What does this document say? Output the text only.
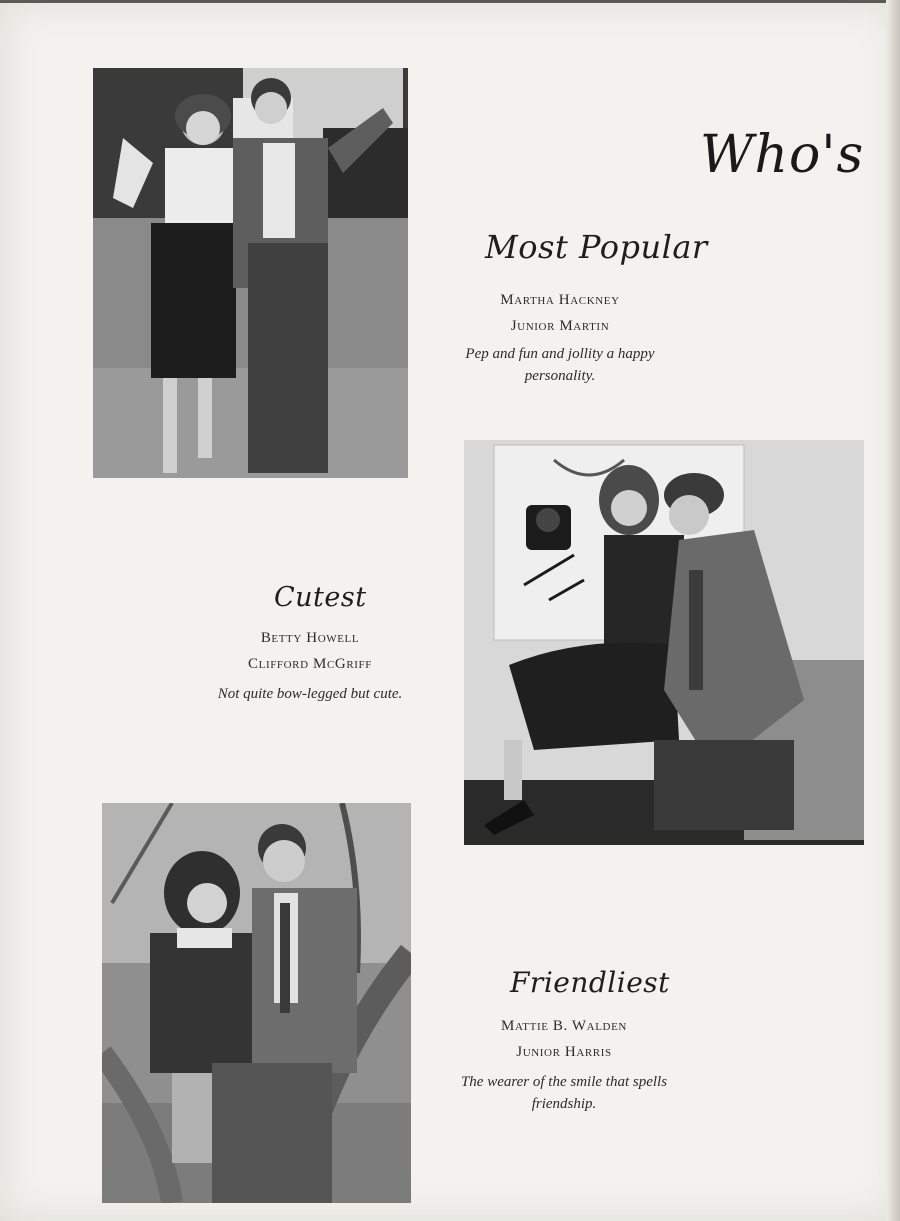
Who's
Most Popular
Martha Hackney
Junior Martin
Pep and fun and jollity a happy personality.
Cutest
Betty Howell
Clifford McGriff
Not quite bow-legged but cute.
Friendliest
Mattie B. Walden
Junior Harris
The wearer of the smile that spells friendship.
